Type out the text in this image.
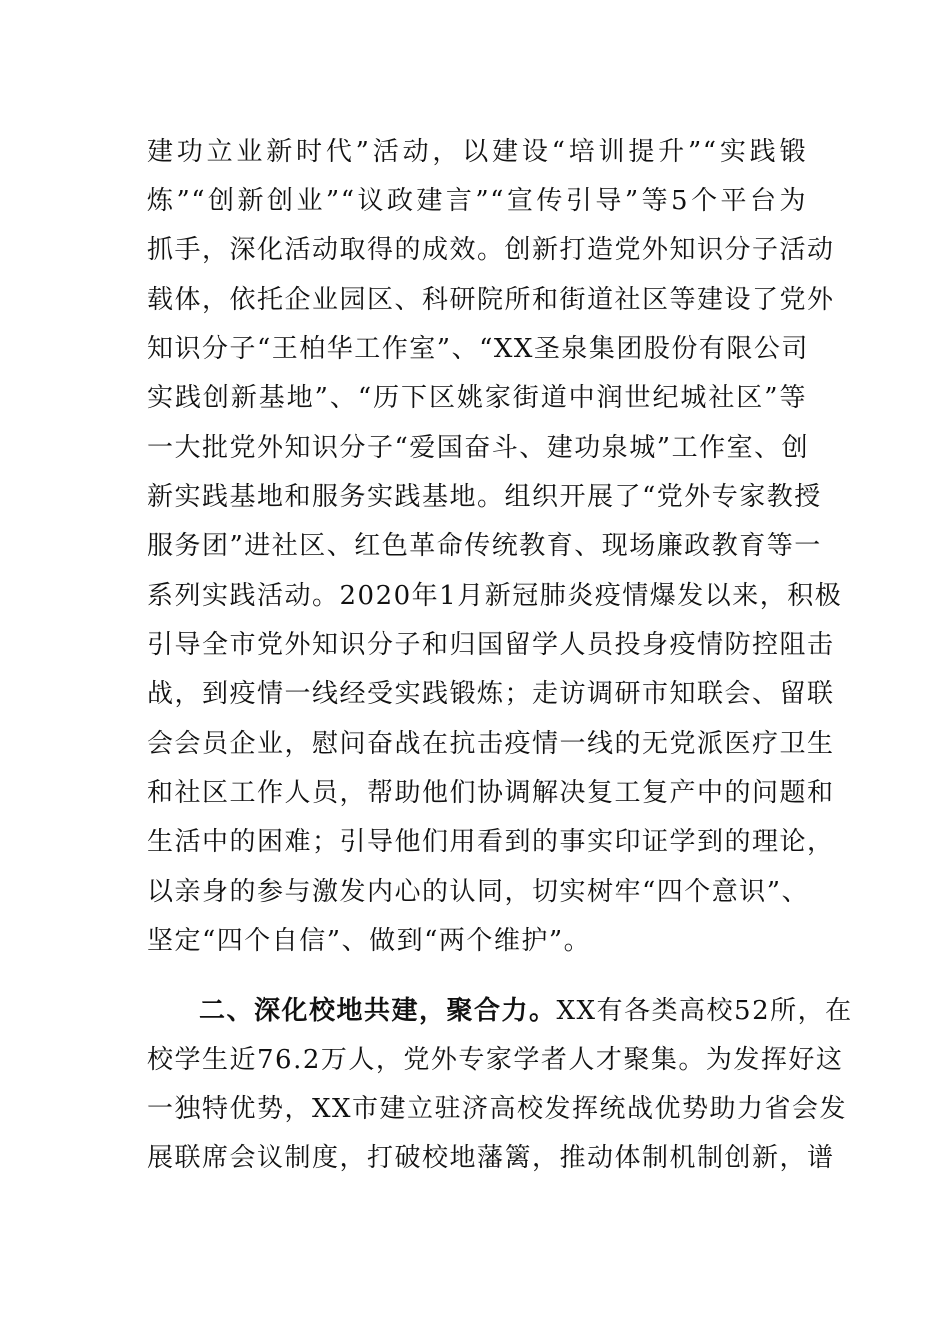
建功立业新时代”活动，以建设“培训提升”“实践锻
炼”“创新创业”“议政建言”“宣传引导”等5个平台为
抓手，深化活动取得的成效。创新打造党外知识分子活动
载体，依托企业园区、科研院所和街道社区等建设了党外
知识分子“王柏华工作室”、“XX圣泉集团股份有限公司
实践创新基地”、“历下区姚家街道中润世纪城社区”等
一大批党外知识分子“爱国奋斗、建功泉城”工作室、创
新实践基地和服务实践基地。组织开展了“党外专家教授
服务团”进社区、红色革命传统教育、现场廉政教育等一
系列实践活动。2020年1月新冠肺炎疫情爆发以来，积极
引导全市党外知识分子和归国留学人员投身疫情防控阻击
战，到疫情一线经受实践锻炼；走访调研市知联会、留联
会会员企业，慰问奋战在抗击疫情一线的无党派医疗卫生
和社区工作人员，帮助他们协调解决复工复产中的问题和
生活中的困难；引导他们用看到的事实印证学到的理论，
以亲身的参与激发内心的认同，切实树牢“四个意识”、
坚定“四个自信”、做到“两个维护”。
二、深化校地共建，聚合力。XX有各类高校52所，在
校学生近76.2万人，党外专家学者人才聚集。为发挥好这
一独特优势，XX市建立驻济高校发挥统战优势助力省会发
展联席会议制度，打破校地藩篱，推动体制机制创新，谱
